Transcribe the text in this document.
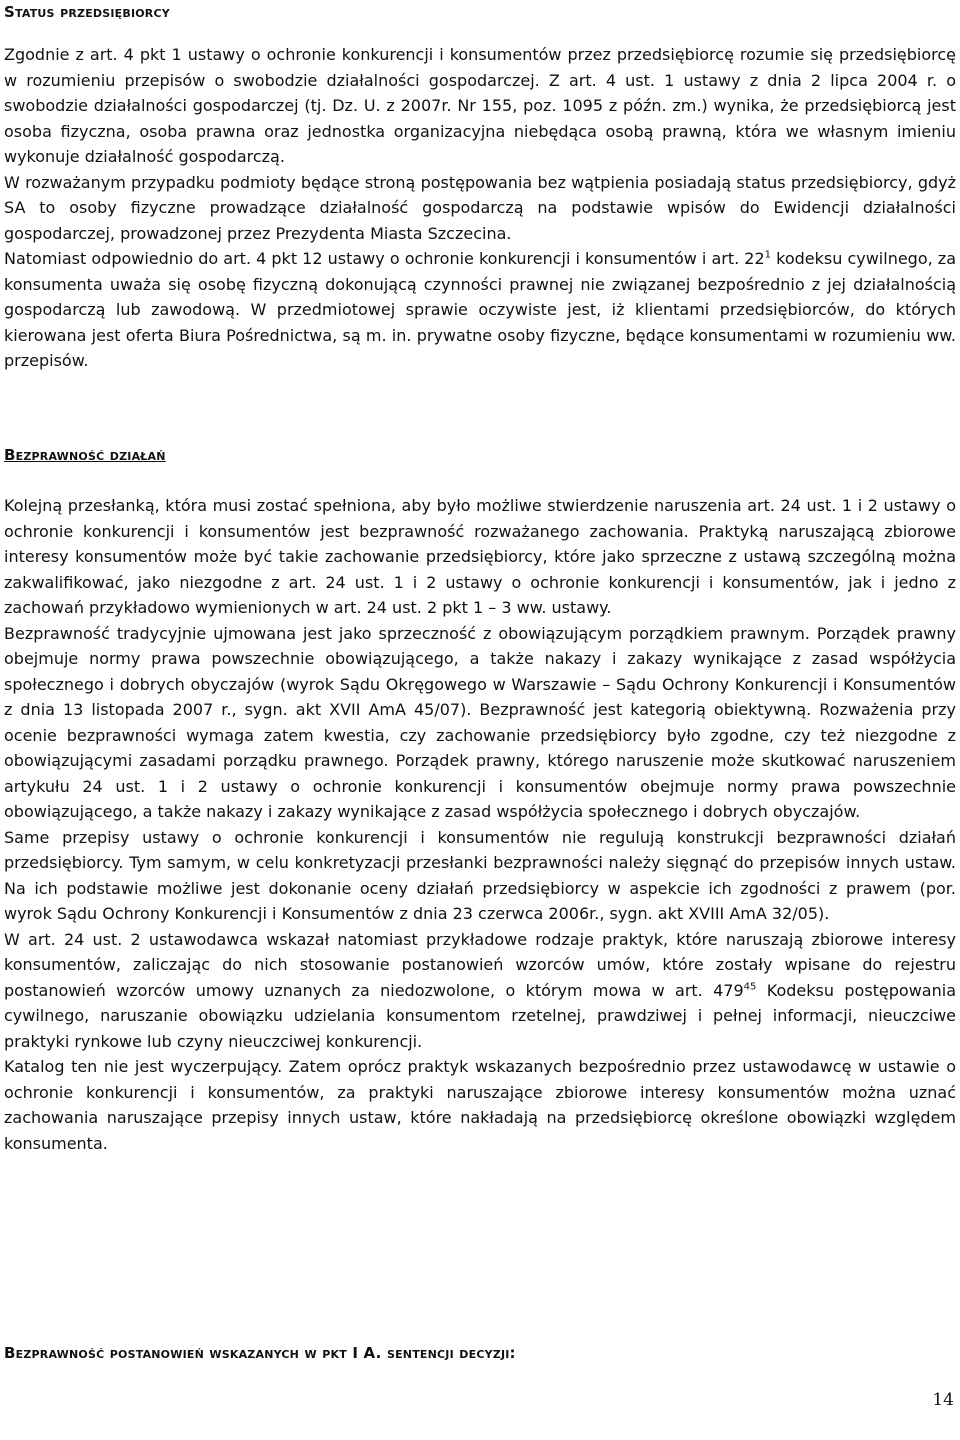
Status przedsiębiorcy

Zgodnie z art. 4 pkt 1 ustawy o ochronie konkurencji i konsumentów przez przedsiębiorcę rozumie się przedsiębiorcę w rozumieniu przepisów o swobodzie działalności gospodarczej. Z art. 4 ust. 1 ustawy z dnia 2 lipca 2004 r. o swobodzie działalności gospodarczej (tj. Dz. U. z 2007r. Nr 155, poz. 1095 z późn. zm.) wynika, że przedsiębiorcą jest osoba fizyczna, osoba prawna oraz jednostka organizacyjna niebędąca osobą prawną, która we własnym imieniu wykonuje działalność gospodarczą.

W rozważanym przypadku podmioty będące stroną postępowania bez wątpienia posiadają status przedsiębiorcy, gdyż SA to osoby fizyczne prowadzące działalność gospodarczą na podstawie wpisów do Ewidencji działalności gospodarczej, prowadzonej przez Prezydenta Miasta Szczecina.

Natomiast odpowiednio do art. 4 pkt 12 ustawy o ochronie konkurencji i konsumentów i art. $22^1$ kodeksu cywilnego, za konsumenta uważa się osobę fizyczną dokonującą czynności prawnej nie związanej bezpośrednio z jej działalnością gospodarczą lub zawodową. W przedmiotowej sprawie oczywiste jest, iż klientami przedsiębiorców, do których kierowana jest oferta Biura Pośrednictwa, są m. in. prywatne osoby fizyczne, będące konsumentami w rozumieniu ww. przepisów.

Bezprawność działań

Kolejną przesłanką, która musi zostać spełniona, aby było możliwe stwierdzenie naruszenia art. 24 ust. 1 i 2 ustawy o ochronie konkurencji i konsumentów jest bezprawność rozważanego zachowania. Praktyką naruszającą zbiorowe interesy konsumentów może być takie zachowanie przedsiębiorcy, które jako sprzeczne z ustawą szczególną można zakwalifikować, jako niezgodne z art. 24 ust. 1 i 2 ustawy o ochronie konkurencji i konsumentów, jak i jedno z zachowań przykładowo wymienionych w art. 24 ust. 2 pkt 1 – 3 ww. ustawy.

Bezprawność tradycyjnie ujmowana jest jako sprzeczność z obowiązującym porządkiem prawnym. Porządek prawny obejmuje normy prawa powszechnie obowiązującego, a także nakazy i zakazy wynikające z zasad współżycia społecznego i dobrych obyczajów (wyrok Sądu Okręgowego w Warszawie – Sądu Ochrony Konkurencji i Konsumentów z dnia 13 listopada 2007 r., sygn. akt XVII AmA 45/07). Bezprawność jest kategorią obiektywną. Rozważenia przy ocenie bezprawności wymaga zatem kwestia, czy zachowanie przedsiębiorcy było zgodne, czy też niezgodne z obowiązującymi zasadami porządku prawnego. Porządek prawny, którego naruszenie może skutkować naruszeniem artykułu 24 ust. 1 i 2 ustawy o ochronie konkurencji i konsumentów obejmuje normy prawa powszechnie obowiązującego, a także nakazy i zakazy wynikające z zasad współżycia społecznego i dobrych obyczajów.

Same przepisy ustawy o ochronie konkurencji i konsumentów nie regulują konstrukcji bezprawności działań przedsiębiorcy. Tym samym, w celu konkretyzacji przesłanki bezprawności należy sięgnąć do przepisów innych ustaw. Na ich podstawie możliwe jest dokonanie oceny działań przedsiębiorcy w aspekcie ich zgodności z prawem (por. wyrok Sądu Ochrony Konkurencji i Konsumentów z dnia 23 czerwca 2006r., sygn. akt XVIII AmA 32/05).

W art. 24 ust. 2 ustawodawca wskazał natomiast przykładowe rodzaje praktyk, które naruszają zbiorowe interesy konsumentów, zaliczając do nich stosowanie postanowień wzorców umów, które zostały wpisane do rejestru postanowień wzorców umowy uznanych za niedozwolone, o którym mowa w art. $479^{45}$ Kodeksu postępowania cywilnego, naruszanie obowiązku udzielania konsumentom rzetelnej, prawdziwej i pełnej informacji, nieuczciwe praktyki rynkowe lub czyny nieuczciwej konkurencji.

Katalog ten nie jest wyczerpujący. Zatem oprócz praktyk wskazanych bezpośrednio przez ustawodawcę w ustawie o ochronie konkurencji i konsumentów, za praktyki naruszające zbiorowe interesy konsumentów można uznać zachowania naruszające przepisy innych ustaw, które nakładają na przedsiębiorcę określone obowiązki względem konsumenta.

Bezprawność postanowień wskazanych w pkt I A. sentencji decyzji:
14
